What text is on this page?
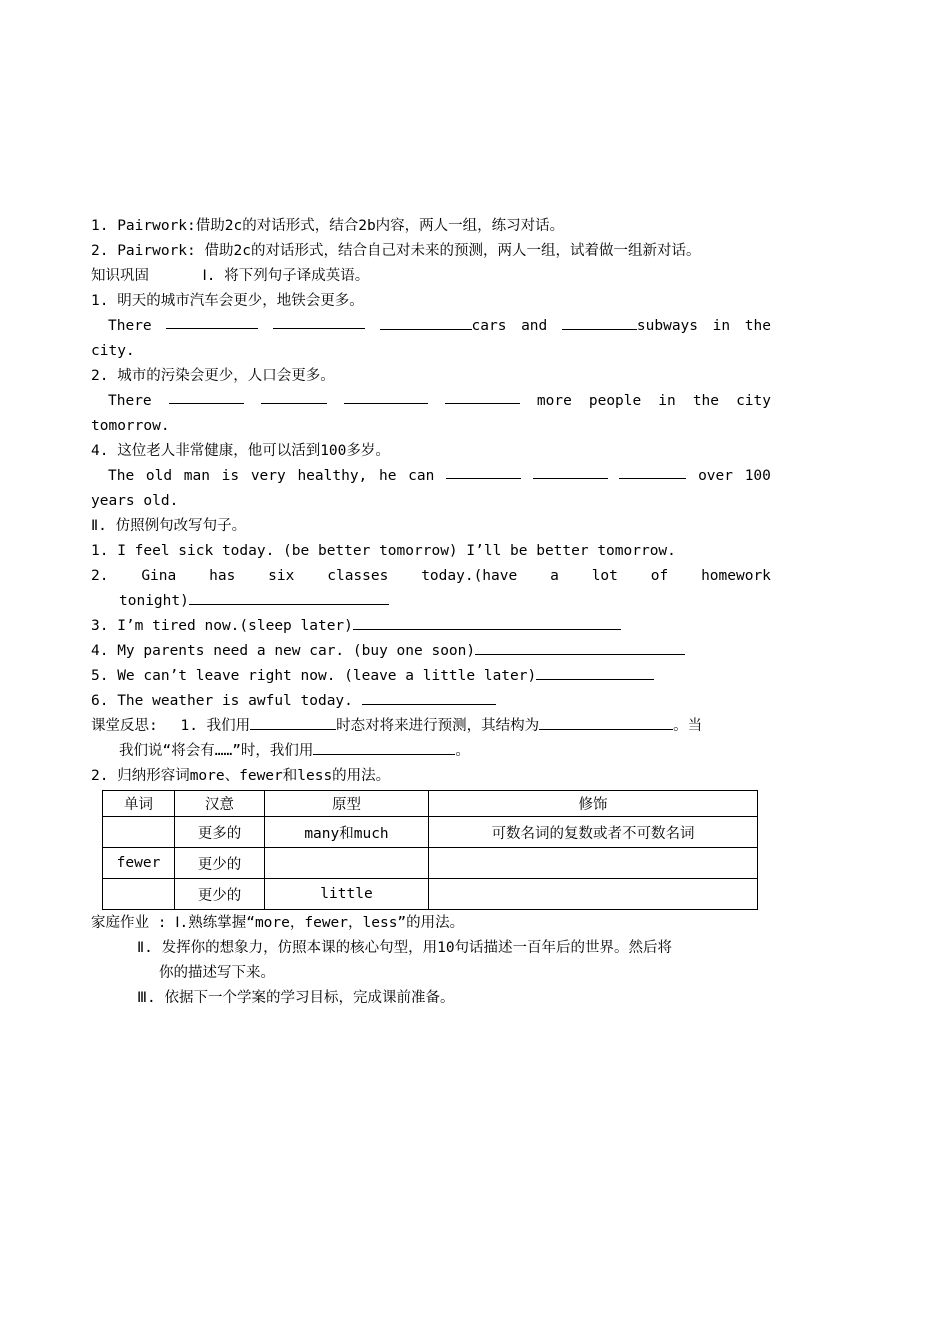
1. Pairwork:借助2c的对话形式，结合2b内容，两人一组，练习对话。
2. Pairwork: 借助2c的对话形式，结合自己对未来的预测，两人一组，试着做一组新对话。
知识巩固	Ⅰ. 将下列句子译成英语。
1. 明天的城市汽车会更少，地铁会更多。
There	cars and	subways in the
city.
2. 城市的污染会更少，人口会更多。
There	more people in the city
tomorrow.
4. 这位老人非常健康，他可以活到100多岁。
The old man is very healthy, he can	over 100
years old.
Ⅱ. 仿照例句改写句子。
1. I feel sick today. (be better tomorrow) I’ll be better tomorrow.
2. Gina has six classes today.(have a lot of homework
tonight)
3. I’m tired now.(sleep later)
4. My parents need a new car. (buy one soon)
5. We can’t leave right now. (leave a little later)
6. The weather is awful today.
课堂反思: 1. 我们用	时态对将来进行预测，其结构为	。当
我们说“将会有……”时，我们用	。
2. 归纳形容词more、fewer和less的用法。
单词	汉意	原型	修饰
	更多的	many和much	可数名词的复数或者不可数名词
fewer	更少的		
	更少的	little	
家庭作业 : Ⅰ.熟练掌握“more，fewer，less”的用法。
Ⅱ. 发挥你的想象力，仿照本课的核心句型，用10句话描述一百年后的世界。然后将
你的描述写下来。
Ⅲ. 依据下一个学案的学习目标，完成课前准备。
